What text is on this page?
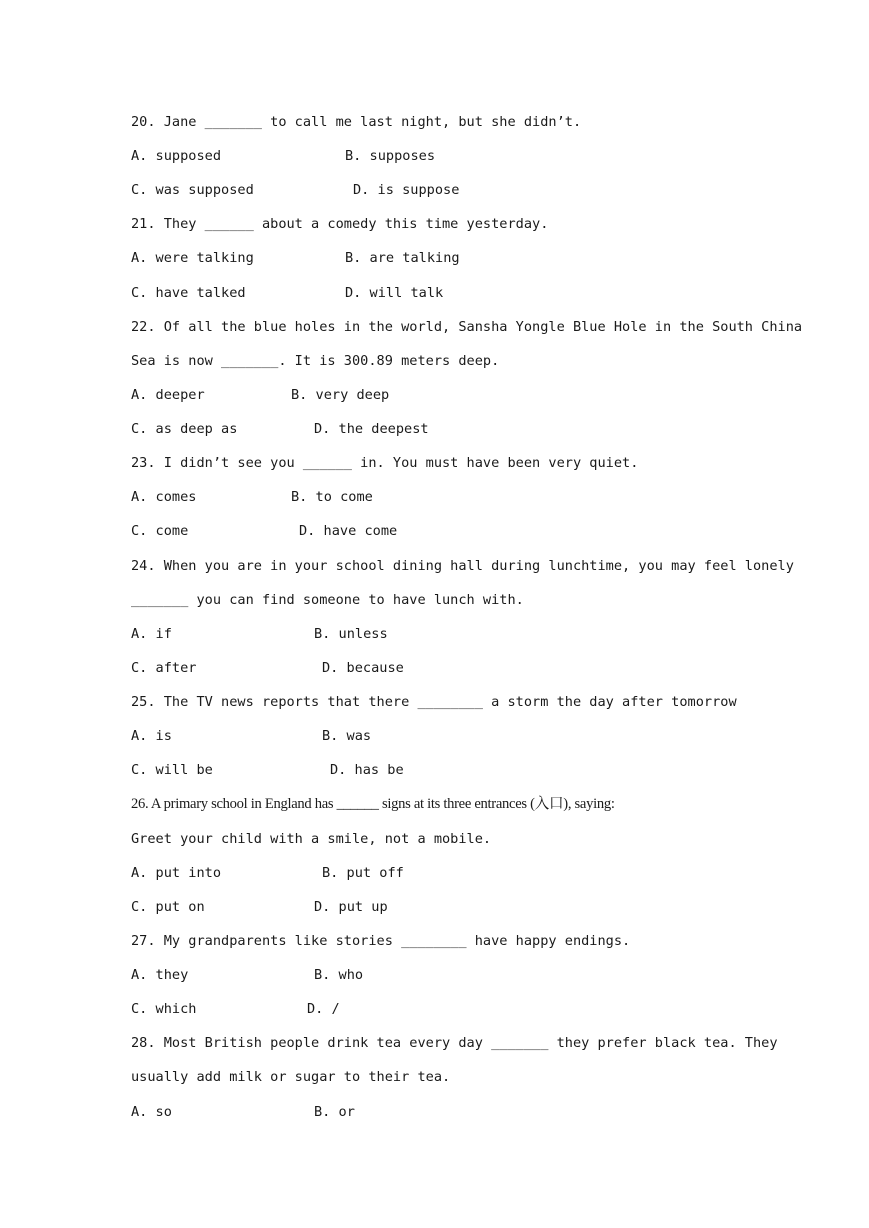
20. Jane _______ to call me last night, but she didn’t.
A. supposed	B. supposes
C. was supposed	D. is suppose
21. They ______ about a comedy this time yesterday.
A. were talking	B. are talking
C. have talked	D. will talk
22. Of all the blue holes in the world, Sansha Yongle Blue Hole in the South China
Sea is now _______. It is 300.89 meters deep.
A. deeper	B. very deep
C. as deep as	D. the deepest
23. I didn’t see you ______ in. You must have been very quiet.
A. comes	B. to come
C. come	D. have come
24. When you are in your school dining hall during lunchtime, you may feel lonely
_______ you can find someone to have lunch with.
A. if	B. unless
C. after	D. because
25. The TV news reports that there ________ a storm the day after tomorrow
A. is	B. was
C. will be	D. has be
26. A primary school in England has ______ signs at its three entrances (入口), saying:
Greet your child with a smile, not a mobile.
A. put into	B. put off
C. put on	D. put up
27. My grandparents like stories ________ have happy endings.
A. they	B. who
C. which	D. /
28. Most British people drink tea every day _______ they prefer black tea. They
usually add milk or sugar to their tea.
A. so	B. or
